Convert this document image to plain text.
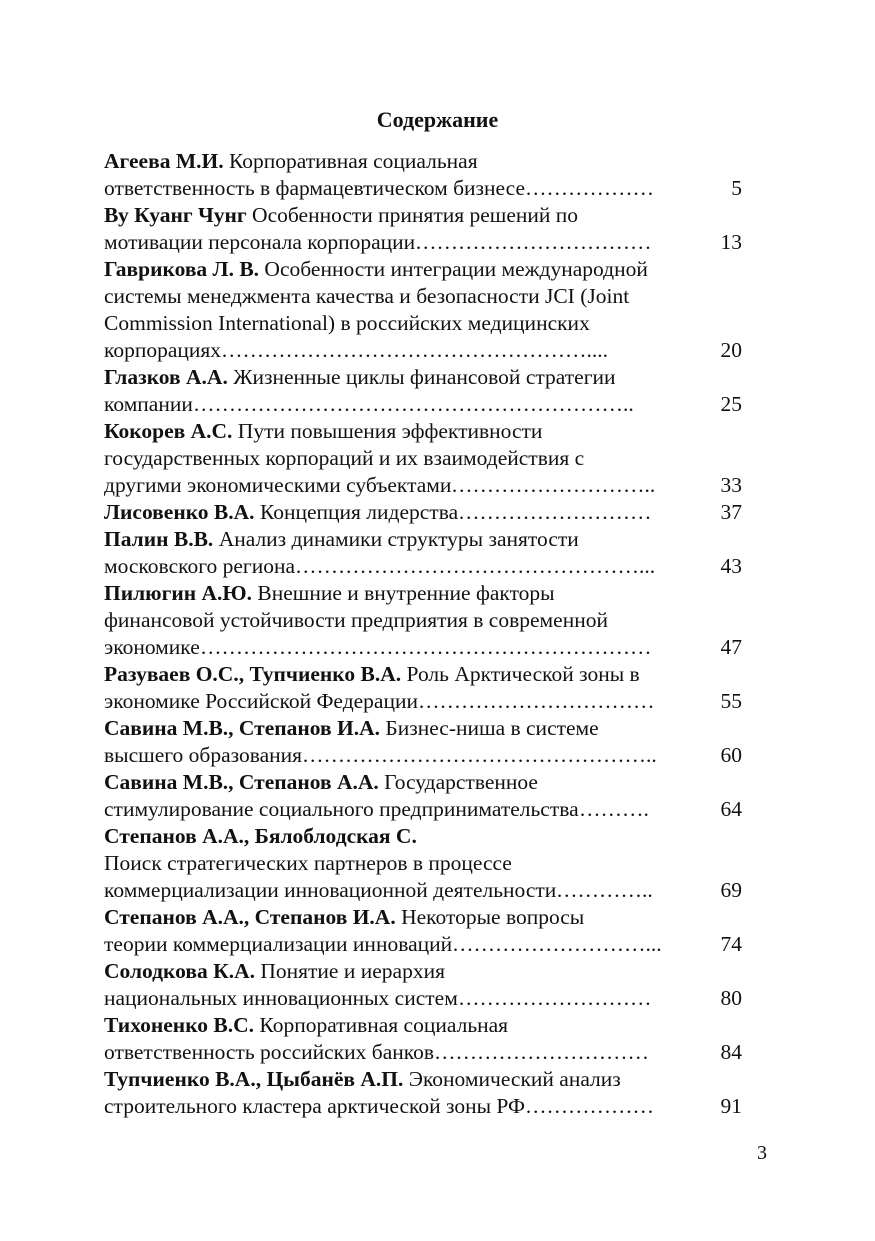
Содержание
Агеева М.И. Корпоративная социальная
ответственность в фармацевтическом бизнесе ………………	5
Ву Куанг Чунг Особенности принятия решений по
мотивации персонала корпорации ……………………………	13
Гаврикова Л. В. Особенности интеграции международной
системы менеджмента качества и безопасности JCI (Joint
Commission International) в российских медицинских
корпорациях ……………………………………………....	20
Глазков А.А. Жизненные циклы финансовой стратегии
компании ……………………………………………………..	25
Кокорев А.С. Пути повышения эффективности
государственных корпораций и их взаимодействия с
другими экономическими субъектами ………………………..	33
Лисовенко В.А. Концепция лидерства ………………………	37
Палин В.В. Анализ динамики структуры занятости
московского региона …………………………………………...	43
Пилюгин А.Ю. Внешние и внутренние факторы
финансовой устойчивости предприятия в современной
экономике ………………………………………………………	47
Разуваев О.С., Тупчиенко В.А. Роль Арктической зоны в
экономике Российской Федерации ……………………………	55
Савина М.В., Степанов И.А. Бизнес-ниша в системе
высшего образования …………………………………………..	60
Савина М.В., Степанов А.А. Государственное
стимулирование социального предпринимательства ……….	64
Степанов А.А., Бялоблодская С.
Поиск стратегических партнеров в процессе
коммерциализации инновационной деятельности …………..	69
Степанов А.А., Степанов И.А. Некоторые вопросы
теории коммерциализации инноваций ………………………...	74
Солодкова К.А. Понятие и иерархия
национальных инновационных систем ………………………	80
Тихоненко В.С. Корпоративная социальная
ответственность российских банков …………………………	84
Тупчиенко В.А., Цыбанёв А.П. Экономический анализ
строительного кластера арктической зоны РФ ………………	91
3
